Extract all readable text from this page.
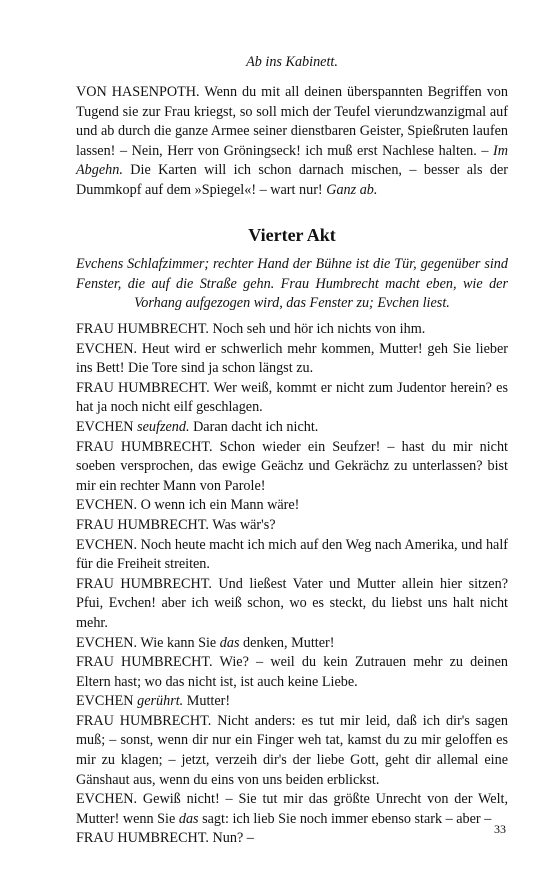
Ab ins Kabinett.

VON HASENPOTH. Wenn du mit all deinen überspannten Begriffen von Tugend sie zur Frau kriegst, so soll mich der Teufel vierundzwanzigmal auf und ab durch die ganze Armee seiner dienstbaren Geister, Spießruten laufen lassen! – Nein, Herr von Gröningseck! ich muß erst Nachlese halten. – Im Abgehn. Die Karten will ich schon darnach mischen, – besser als der Dummkopf auf dem »Spiegel«! – wart nur! Ganz ab.

Vierter Akt

Evchens Schlafzimmer; rechter Hand der Bühne ist die Tür, gegenüber sind Fenster, die auf die Straße gehn. Frau Humbrecht macht eben, wie der Vorhang aufgezogen wird, das Fenster zu; Evchen liest.

FRAU HUMBRECHT. Noch seh und hör ich nichts von ihm.

EVCHEN. Heut wird er schwerlich mehr kommen, Mutter! geh Sie lieber ins Bett! Die Tore sind ja schon längst zu.

FRAU HUMBRECHT. Wer weiß, kommt er nicht zum Judentor herein? es hat ja noch nicht eilf geschlagen.

EVCHEN seufzend. Daran dacht ich nicht.

FRAU HUMBRECHT. Schon wieder ein Seufzer! – hast du mir nicht soeben versprochen, das ewige Geächz und Gekrächz zu unterlassen? bist mir ein rechter Mann von Parole!

EVCHEN. O wenn ich ein Mann wäre!

FRAU HUMBRECHT. Was wär's?

EVCHEN. Noch heute macht ich mich auf den Weg nach Amerika, und half für die Freiheit streiten.

FRAU HUMBRECHT. Und ließest Vater und Mutter allein hier sitzen? Pfui, Evchen! aber ich weiß schon, wo es steckt, du liebst uns halt nicht mehr.

EVCHEN. Wie kann Sie das denken, Mutter!

FRAU HUMBRECHT. Wie? – weil du kein Zutrauen mehr zu deinen Eltern hast; wo das nicht ist, ist auch keine Liebe.

EVCHEN gerührt. Mutter!

FRAU HUMBRECHT. Nicht anders: es tut mir leid, daß ich dir's sagen muß; – sonst, wenn dir nur ein Finger weh tat, kamst du zu mir geloffen es mir zu klagen; – jetzt, verzeih dir's der liebe Gott, geht dir allemal eine Gänshaut aus, wenn du eins von uns beiden erblickst.

EVCHEN. Gewiß nicht! – Sie tut mir das größte Unrecht von der Welt, Mutter! wenn Sie das sagt: ich lieb Sie noch immer ebenso stark – aber –

FRAU HUMBRECHT. Nun? –

33
